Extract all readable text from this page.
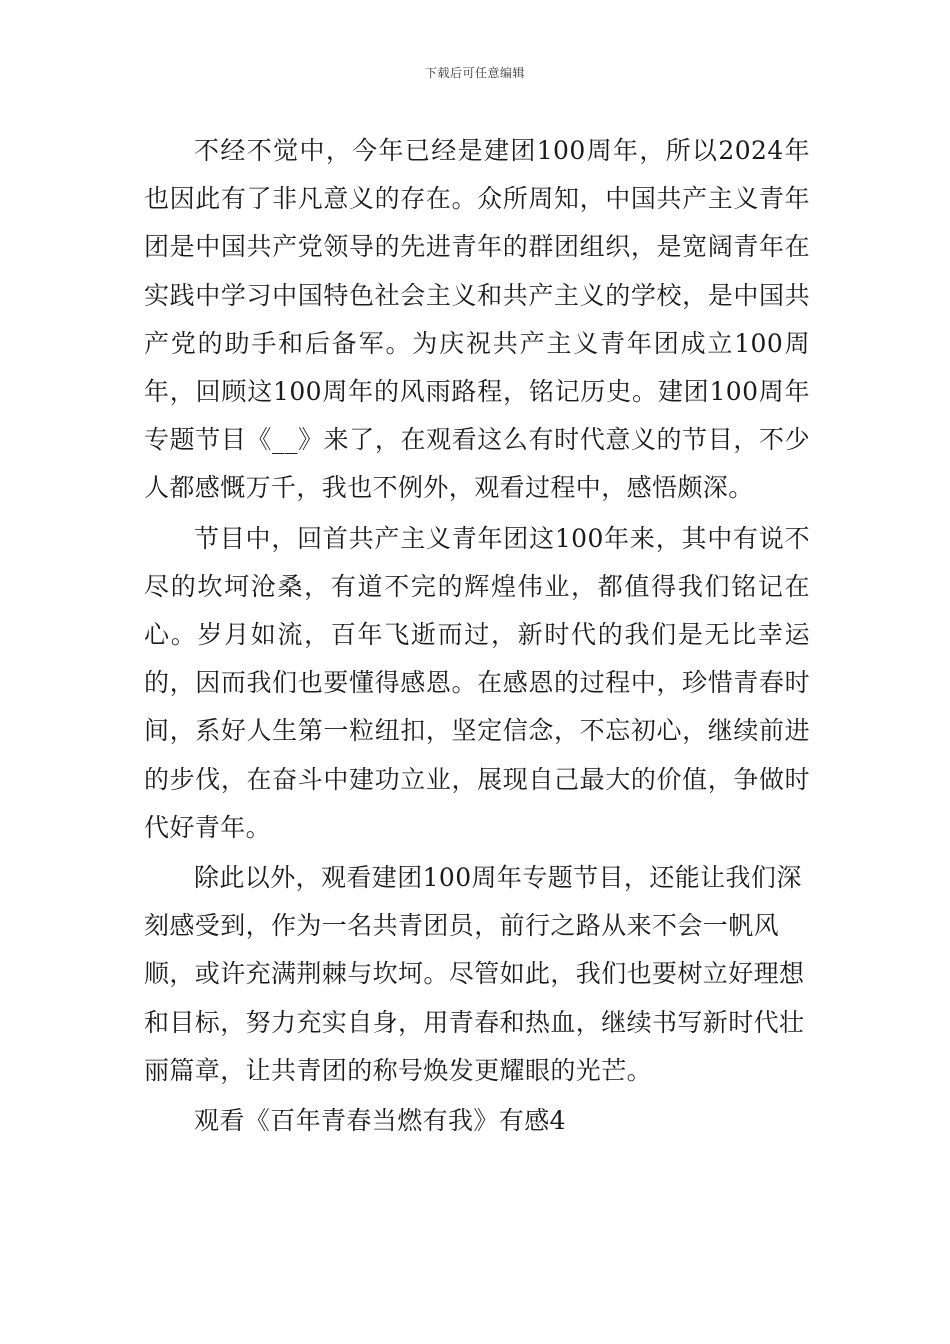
下载后可任意编辑

不经不觉中，今年已经是建团100周年，所以2024年也因此有了非凡意义的存在。众所周知，中国共产主义青年团是中国共产党领导的先进青年的群团组织，是宽阔青年在实践中学习中国特色社会主义和共产主义的学校，是中国共产党的助手和后备军。为庆祝共产主义青年团成立100周年，回顾这100周年的风雨路程，铭记历史。建团100周年专题节目《__》来了，在观看这么有时代意义的节目，不少人都感慨万千，我也不例外，观看过程中，感悟颇深。

节目中，回首共产主义青年团这100年来，其中有说不尽的坎坷沧桑，有道不完的辉煌伟业，都值得我们铭记在心。岁月如流，百年飞逝而过，新时代的我们是无比幸运的，因而我们也要懂得感恩。在感恩的过程中，珍惜青春时间，系好人生第一粒纽扣，坚定信念，不忘初心，继续前进的步伐，在奋斗中建功立业，展现自己最大的价值，争做时代好青年。

除此以外，观看建团100周年专题节目，还能让我们深刻感受到，作为一名共青团员，前行之路从来不会一帆风顺，或许充满荆棘与坎坷。尽管如此，我们也要树立好理想和目标，努力充实自身，用青春和热血，继续书写新时代壮丽篇章，让共青团的称号焕发更耀眼的光芒。

观看《百年青春当燃有我》有感4
